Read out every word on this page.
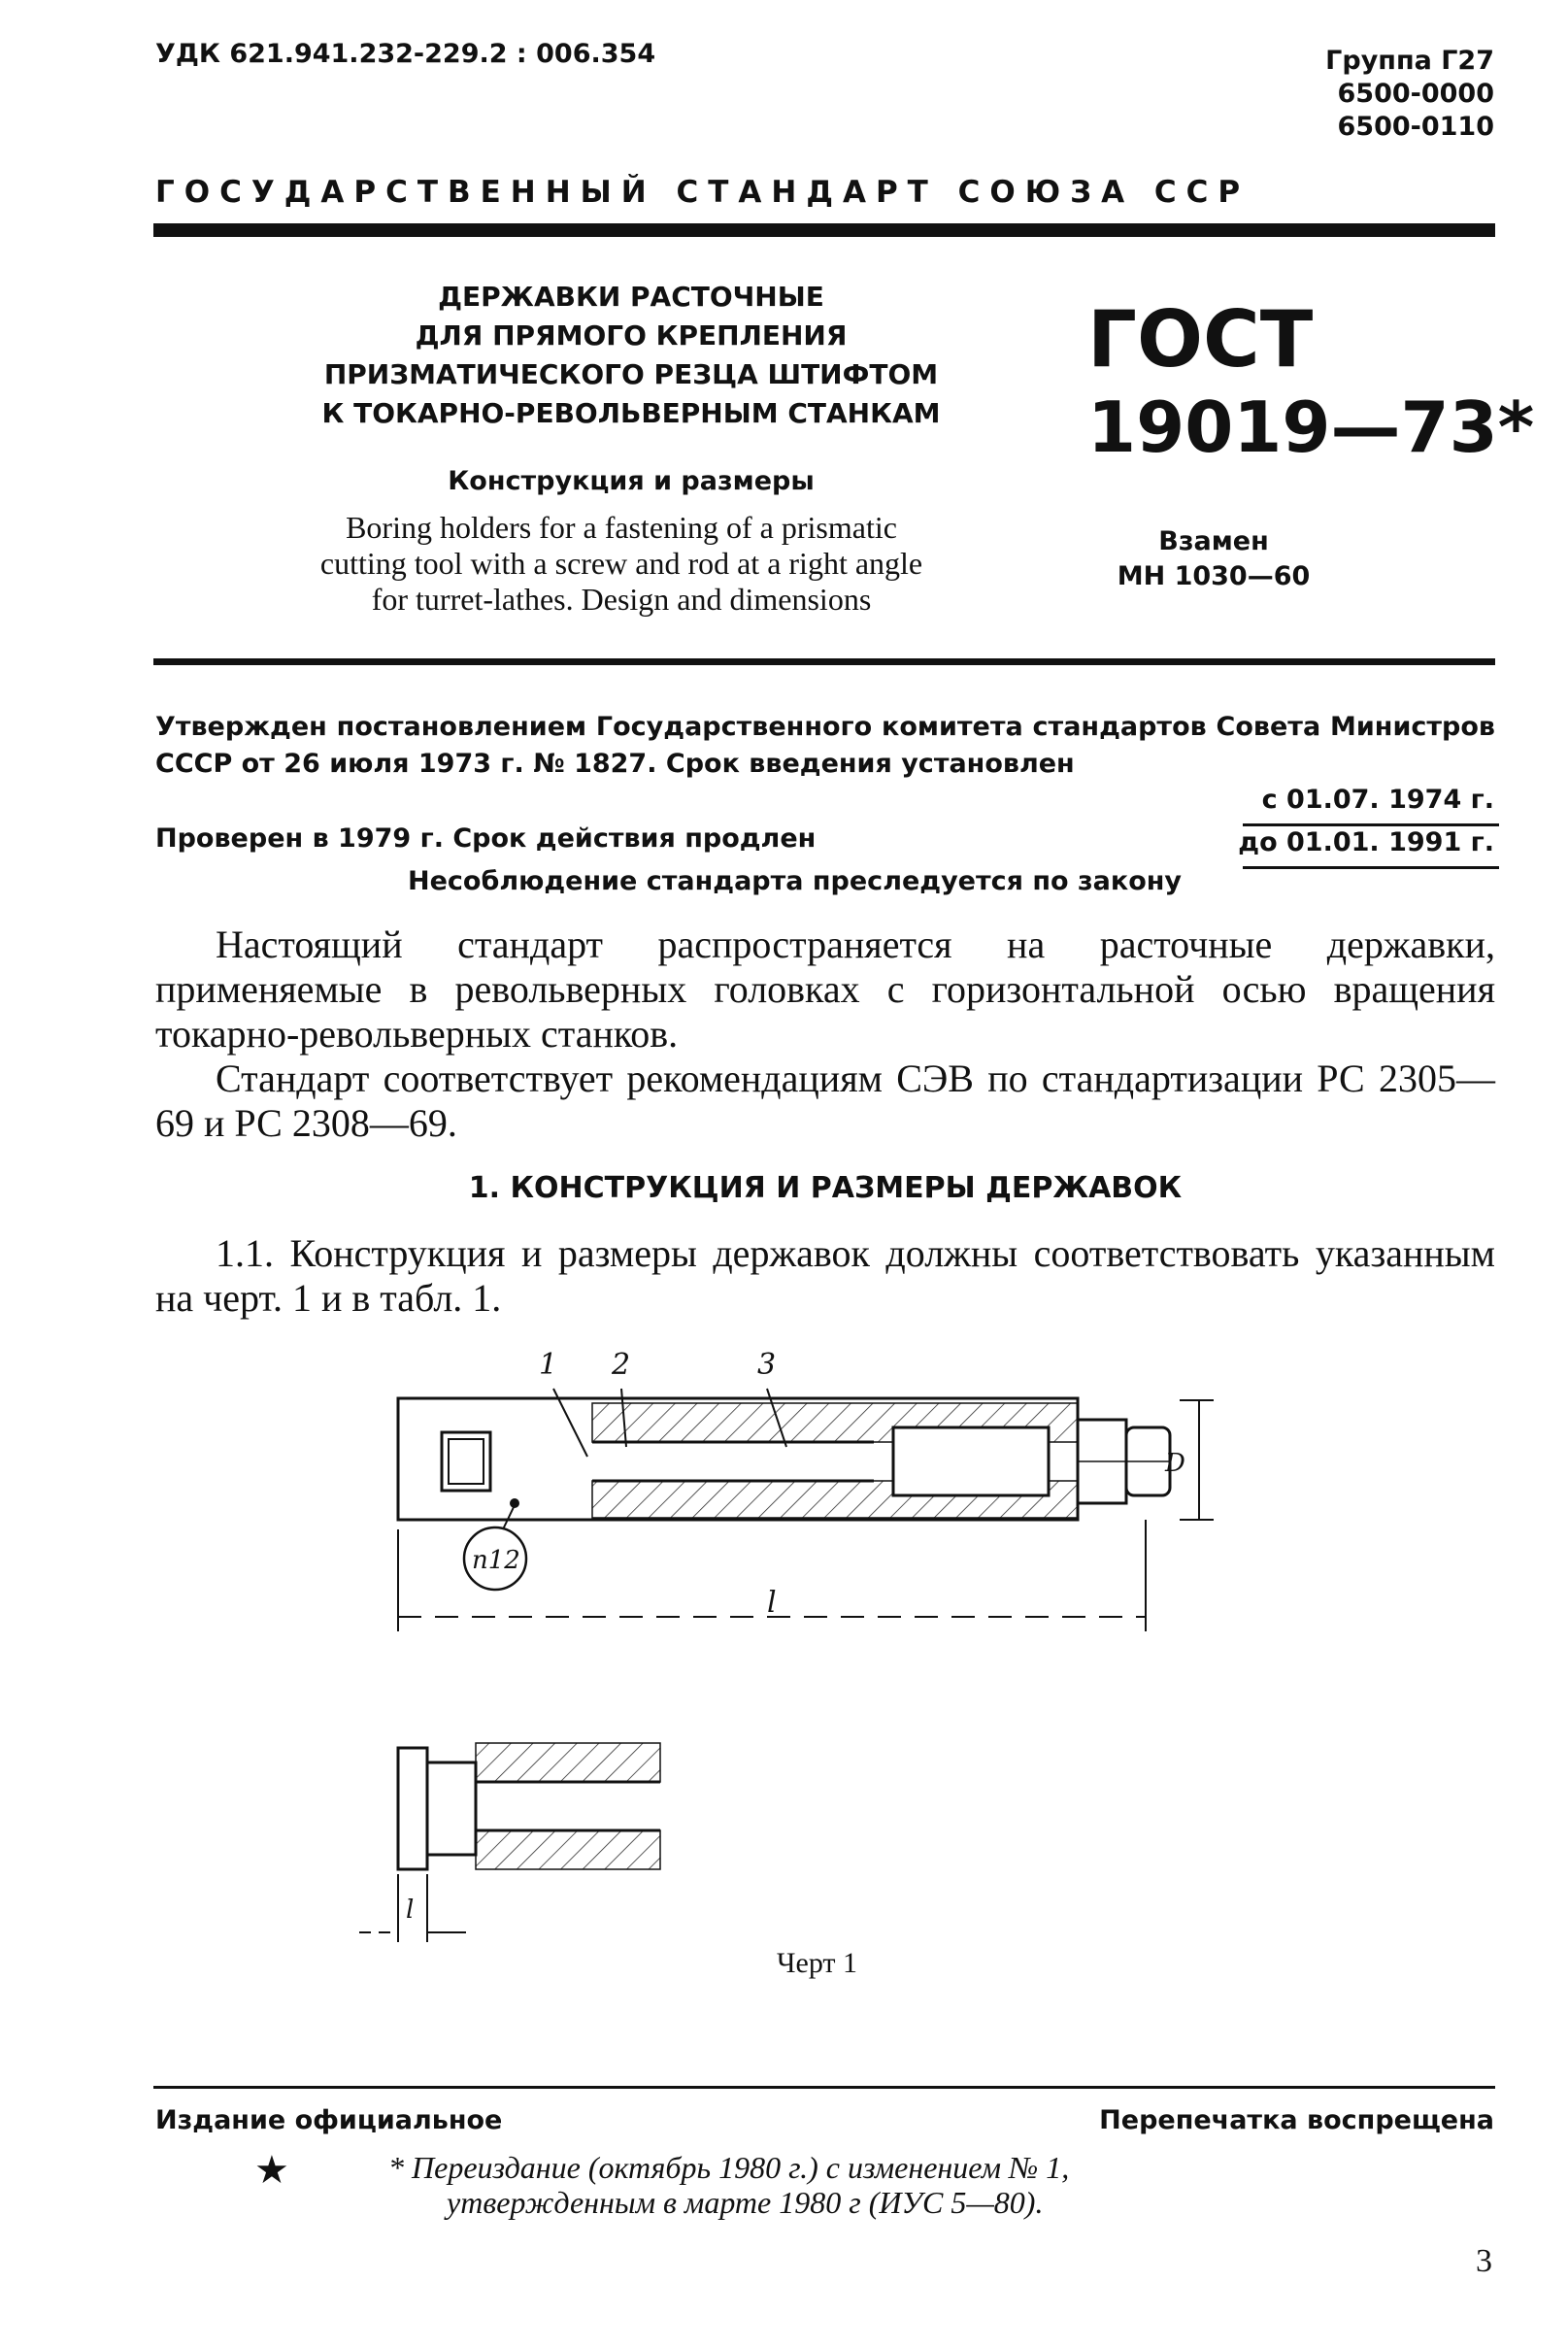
УДК 621.941.232-229.2 : 006.354	Группа Г27
6500-0000
6500-0110
ГОСУДАРСТВЕННЫЙ СТАНДАРТ СОЮЗА ССР
ДЕРЖАВКИ РАСТОЧНЫЕ
ДЛЯ ПРЯМОГО КРЕПЛЕНИЯ
ПРИЗМАТИЧЕСКОГО РЕЗЦА ШТИФТОМ
К ТОКАРНО-РЕВОЛЬВЕРНЫМ СТАНКАМ
Конструкция и размеры
Boring holders for a fastening of a prismatic
cutting tool with a screw and rod at a right angle
for turret-lathes. Design and dimensions
ГОСТ
19019—73*
Взамен
МН 1030—60
Утвержден постановлением Государственного комитета стандартов Совета Министров СССР от 26 июля 1973 г. № 1827. Срок введения установлен
с 01.07. 1974 г.
Проверен в 1979 г. Срок действия продлен	до 01.01. 1991 г.
Несоблюдение стандарта преследуется по закону

Настоящий стандарт распространяется на расточные державки, применяемые в револьверных головках с горизонтальной осью вращения токарно-револьверных станков.

Стандарт соответствует рекомендациям СЭВ по стандартизации РС 2305—69 и РС 2308—69.

1. КОНСТРУКЦИЯ И РАЗМЕРЫ ДЕРЖАВОК

1.1. Конструкция и размеры державок должны соответствовать указанным на черт. 1 и в табл. 1.

1 2	3
D
l
n12
l
Черт 1
Издание официальное	Перепечатка воспрещена
★	* Переиздание (октябрь 1980 г.) с изменением № 1,
утвержденным в марте 1980 г (ИУС 5—80).
3
